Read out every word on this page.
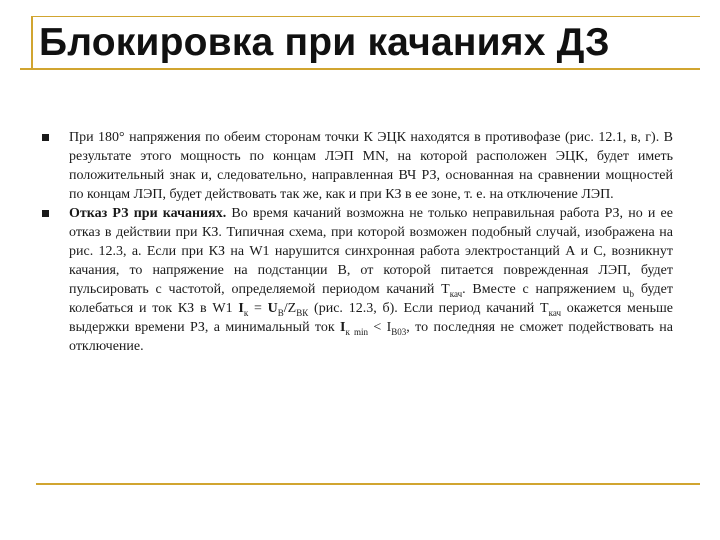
Блокировка при качаниях ДЗ
При 180° напряжения по обеим сторонам точки К ЭЦК находятся в противофазе (рис. 12.1, в, г). В результате этого мощность по концам ЛЭП MN, на которой расположен ЭЦК, будет иметь положительный знак и, следовательно, направленная ВЧ РЗ, основанная на сравнении мощностей по концам ЛЭП, будет действовать так же, как и при КЗ в ее зоне, т. е. на отключение ЛЭП.
Отказ РЗ при качаниях. Во время качаний возможна не только неправильная работа РЗ, но и ее отказ в действии при КЗ. Типичная схема, при которой возможен подобный случай, изображена на рис. 12.3, а. Если при КЗ на W1 нарушится синхронная работа электростанций А и С, возникнут качания, то напряжение на подстанции В, от которой питается поврежденная ЛЭП, будет пульсировать с частотой, определяемой периодом качаний $Т_{кач}$. Вместе с напряжением $u_b$ будет колебаться и ток КЗ в W1 $I_к = U_В/Z_{ВК}$ (рис. 12.3, б). Если период качаний $Т_{кач}$ окажется меньше выдержки времени РЗ, а минимальный ток $I_{к min} < I_{B03}$, то последняя не сможет подействовать на отключение.
